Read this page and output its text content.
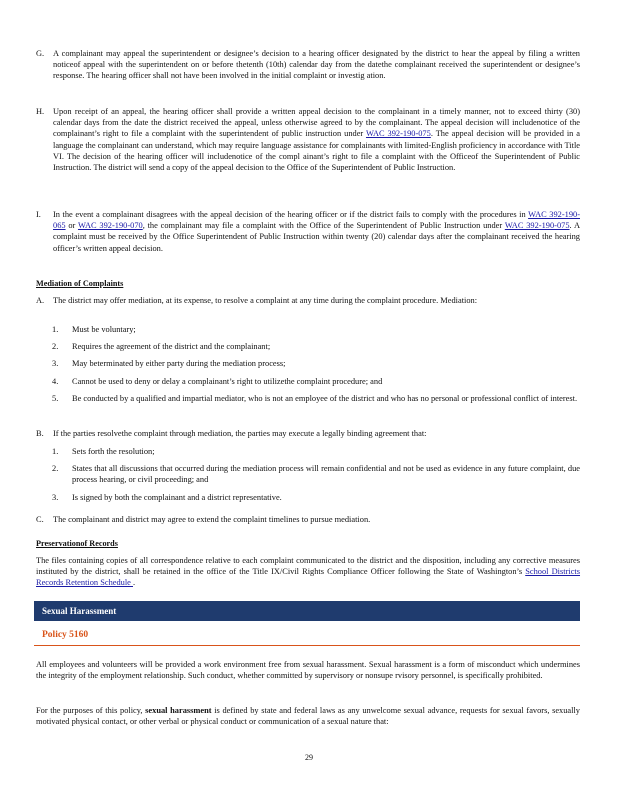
G. A complainant may appeal the superintendent or designee’s decision to a hearing officer designated by the district to hear the appeal by filing a written noticeof appeal with the superintendent on or before thetenth (10th) calendar day from the datethe complainant received the superintendent or designee’s response. The hearing officer shall not have been involved in the initial complaint or investig ation.
H. Upon receipt of an appeal, the hearing officer shall provide a written appeal decision to the complainant in a timely manner, not to exceed thirty (30) calendar days from the date the district received the appeal, unless otherwise agreed to by the complainant. The appeal decision will includenotice of the complainant’s right to file a complaint with the superintendent of public instruction under WAC 392-190-075. The appeal decision will be provided in a language the complainant can understand, which may require language assistance for complainants with limited-English proficiency in accordance with Title VI. The decision of the hearing officer will includenotice of the compl ainant’s right to file a complaint with the Officeof the Superintendent of Public Instruction. The district will send a copy of the appeal decision to the Office of the Superintendent of Public Instruction.
I. In the event a complainant disagrees with the appeal decision of the hearing officer or if the district fails to comply with the procedures in WAC 392-190-065 or WAC 392-190-070, the complainant may file a complaint with the Office of the Superintendent of Public Instruction under WAC 392-190-075. A complaint must be received by the Office Superintendent of Public Instruction within twenty (20) calendar days after the complainant received the hearing officer’s written appeal decision.
Mediation of Complaints
A. The district may offer mediation, at its expense, to resolve a complaint at any time during the complaint procedure. Mediation:
1. Must be voluntary;
2. Requires the agreement of the district and the complainant;
3. May beterminated by either party during the mediation process;
4. Cannot be used to deny or delay a complainant’s right to utilizethe complaint procedure; and
5. Be conducted by a qualified and impartial mediator, who is not an employee of the district and who has no personal or professional conflict of interest.
B. If the parties resolvethe complaint through mediation, the parties may execute a legally binding agreement that:
1. Sets forth the resolution;
2. States that all discussions that occurred during the mediation process will remain confidential and not be used as evidence in any future complaint, due process hearing, or civil proceeding; and
3. Is signed by both the complainant and a district representative.
C. The complainant and district may agree to extend the complaint timelines to pursue mediation.
Preservationof Records
The files containing copies of all correspondence relative to each complaint communicated to the district and the disposition, including any corrective measures instituted by the district, shall be retained in the office of the Title IX/Civil Rights Compliance Officer following the State of Washington’s School Districts Records Retention Schedule .
Sexual Harassment
Policy 5160
All employees and volunteers will be provided a work environment free from sexual harassment. Sexual harassment is a form of misconduct which undermines the integrity of the employment relationship. Such conduct, whether committed by supervisory or nonsupe rvisory personnel, is specifically prohibited.
For the purposes of this policy, sexual harassment is defined by state and federal laws as any unwelcome sexual advance, requests for sexual favors, sexually motivated physical contact, or other verbal or physical conduct or communication of a sexual nature that:
29
